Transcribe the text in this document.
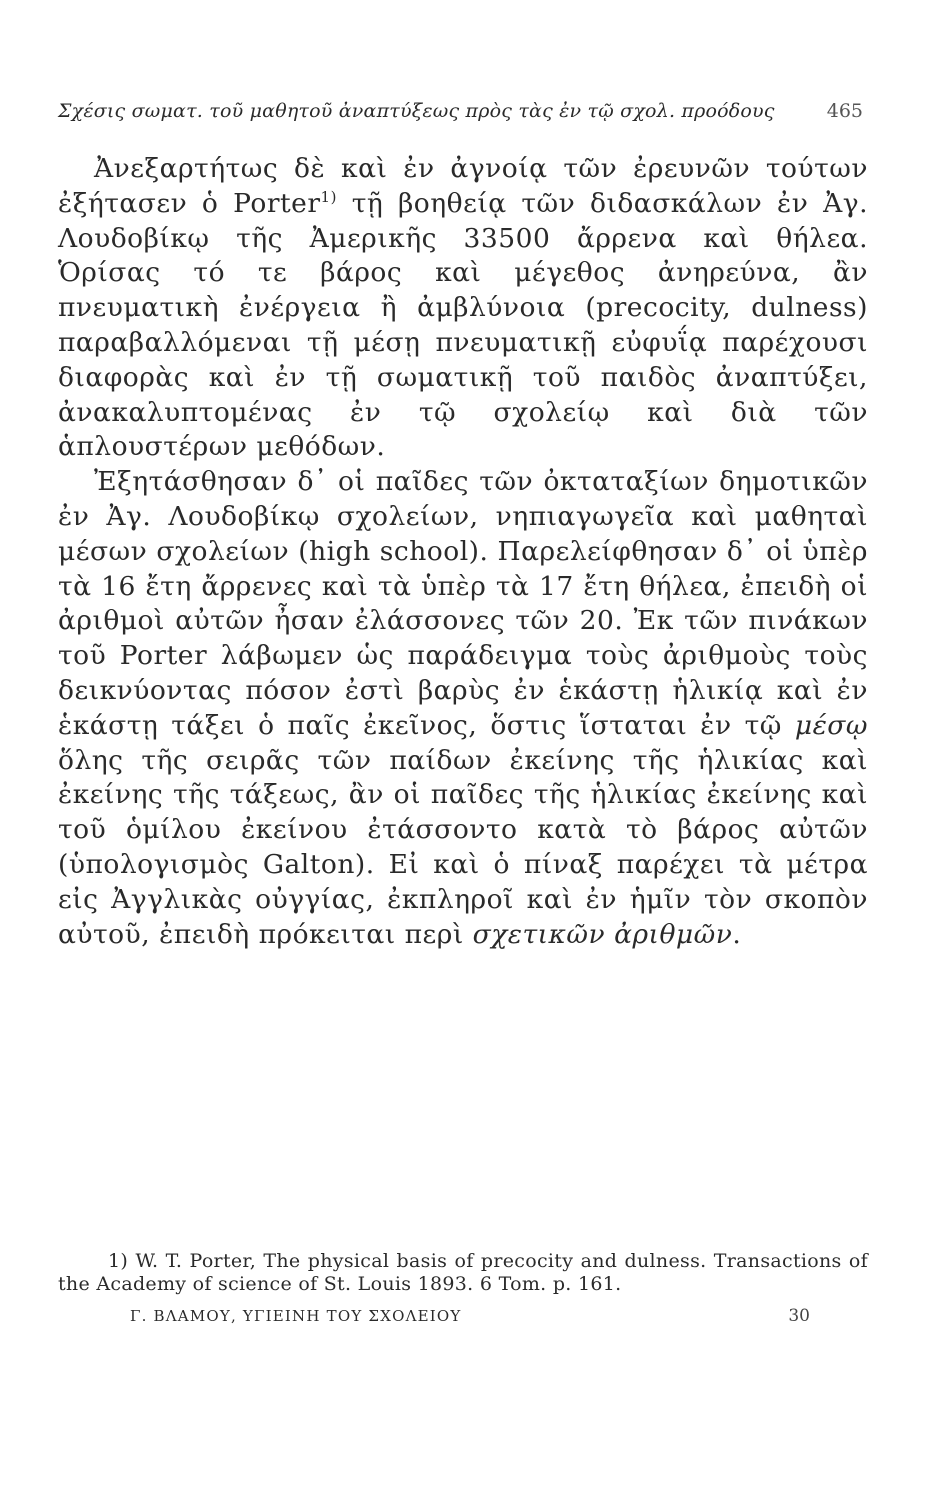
Σχέσις σωματ. τοῦ μαθητοῦ ἀναπτύξεως πρὸς τὰς ἐν τῷ σχολ. προόδους	465

Ἀνεξαρτήτως δὲ καὶ ἐν ἀγνοίᾳ τῶν ἐρευνῶν τούτων ἐξήτασεν ὁ Porter$^{1)}$ τῇ βοηθείᾳ τῶν διδασκάλων ἐν Ἀγ. Λουδοβίκῳ τῆς Ἀμερικῆς 33500 ἄρρενα καὶ θήλεα. Ὁρίσας τό τε βάρος καὶ μέγεθος ἀνηρεύνα, ἂν πνευματικὴ ἐνέργεια ἢ ἀμβλύνοια (precocity, dulness) παραβαλλόμεναι τῇ μέσῃ πνευματικῇ εὐφυΐᾳ παρέχουσι διαφορὰς καὶ ἐν τῇ σωματικῇ τοῦ παιδὸς ἀναπτύξει, ἀνακαλυπτομένας ἐν τῷ σχολείῳ καὶ διὰ τῶν ἁπλουστέρων μεθόδων.

Ἐξητάσθησαν δ᾽ οἱ παῖδες τῶν ὀκταταξίων δημοτικῶν ἐν Ἀγ. Λουδοβίκῳ σχολείων, νηπιαγωγεῖα καὶ μαθηταὶ μέσων σχολείων (high school). Παρελείφθησαν δ᾽ οἱ ὑπὲρ τὰ 16 ἔτη ἄρρενες καὶ τὰ ὑπὲρ τὰ 17 ἔτη θήλεα, ἐπειδὴ οἱ ἀριθμοὶ αὐτῶν ἦσαν ἐλάσσονες τῶν 20. Ἐκ τῶν πινάκων τοῦ Porter λάβωμεν ὡς παράδειγμα τοὺς ἀριθμοὺς τοὺς δεικνύοντας πόσον ἐστὶ βαρὺς ἐν ἑκάστῃ ἡλικίᾳ καὶ ἐν ἑκάστῃ τάξει ὁ παῖς ἐκεῖνος, ὅστις ἵσταται ἐν τῷ μέσῳ ὅλης τῆς σειρᾶς τῶν παίδων ἐκείνης τῆς ἡλικίας καὶ ἐκείνης τῆς τάξεως, ἂν οἱ παῖδες τῆς ἡλικίας ἐκείνης καὶ τοῦ ὁμίλου ἐκείνου ἐτάσσοντο κατὰ τὸ βάρος αὐτῶν (ὑπολογισμὸς Galton). Εἰ καὶ ὁ πίναξ παρέχει τὰ μέτρα εἰς Ἀγγλικὰς οὐγγίας, ἐκπληροῖ καὶ ἐν ἡμῖν τὸν σκοπὸν αὐτοῦ, ἐπειδὴ πρόκειται περὶ σχετικῶν ἀριθμῶν.

1) W. T. Porter, The physical basis of precocity and dulness. Transactions of the Academy of science of St. Louis 1893. 6 Tom. p. 161.

Γ. ΒΛΑΜΟΥ, ΥΓΙΕΙΝΗ ΤΟΥ ΣΧΟΛΕΙΟΥ	30
